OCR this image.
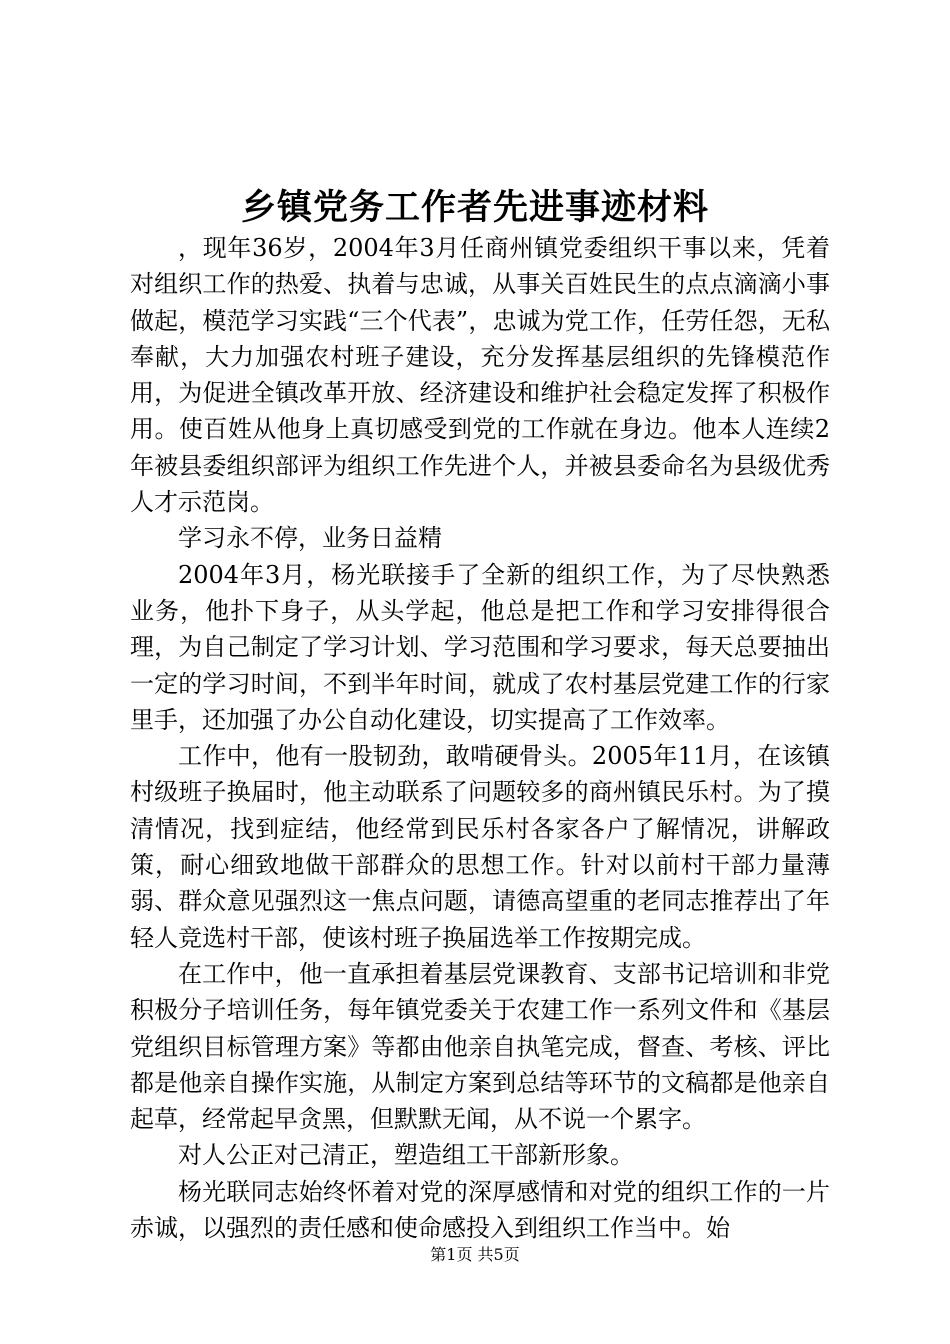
乡镇党务工作者先进事迹材料

，现年36岁，2004年3月任商州镇党委组织干事以来，凭着对组织工作的热爱、执着与忠诚，从事关百姓民生的点点滴滴小事做起，模范学习实践“三个代表”，忠诚为党工作，任劳任怨，无私奉献，大力加强农村班子建设，充分发挥基层组织的先锋模范作用，为促进全镇改革开放、经济建设和维护社会稳定发挥了积极作用。使百姓从他身上真切感受到党的工作就在身边。他本人连续2年被县委组织部评为组织工作先进个人，并被县委命名为县级优秀人才示范岗。

学习永不停，业务日益精

2004年3月，杨光联接手了全新的组织工作，为了尽快熟悉业务，他扑下身子，从头学起，他总是把工作和学习安排得很合理，为自己制定了学习计划、学习范围和学习要求，每天总要抽出一定的学习时间，不到半年时间，就成了农村基层党建工作的行家里手，还加强了办公自动化建设，切实提高了工作效率。

工作中，他有一股韧劲，敢啃硬骨头。2005年11月，在该镇村级班子换届时，他主动联系了问题较多的商州镇民乐村。为了摸清情况，找到症结，他经常到民乐村各家各户了解情况，讲解政策，耐心细致地做干部群众的思想工作。针对以前村干部力量薄弱、群众意见强烈这一焦点问题，请德高望重的老同志推荐出了年轻人竞选村干部，使该村班子换届选举工作按期完成。

在工作中，他一直承担着基层党课教育、支部书记培训和非党积极分子培训任务，每年镇党委关于农建工作一系列文件和《基层党组织目标管理方案》等都由他亲自执笔完成，督查、考核、评比都是他亲自操作实施，从制定方案到总结等环节的文稿都是他亲自起草，经常起早贪黑，但默默无闻，从不说一个累字。

对人公正对己清正，塑造组工干部新形象。

杨光联同志始终怀着对党的深厚感情和对党的组织工作的一片赤诚，以强烈的责任感和使命感投入到组织工作当中。始

第1页 共5页
